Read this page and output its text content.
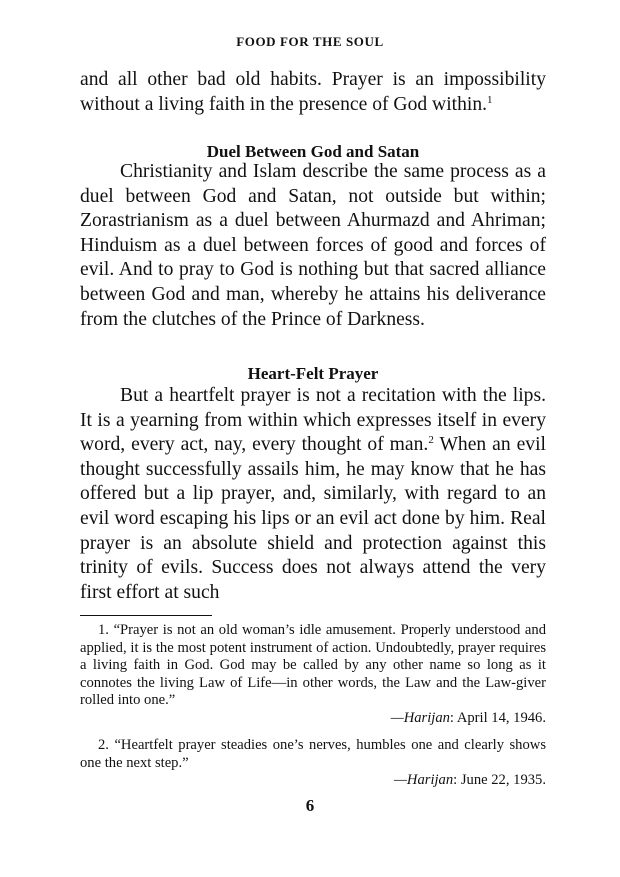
FOOD FOR THE SOUL

and all other bad old habits. Prayer is an impossibility without a living faith in the presence of God within.$^1$

Duel Between God and Satan

Christianity and Islam describe the same process as a duel between God and Satan, not outside but within; Zorastrianism as a duel between Ahurmazd and Ahriman; Hinduism as a duel between forces of good and forces of evil. And to pray to God is nothing but that sacred alliance between God and man, whereby he attains his deliverance from the clutches of the Prince of Darkness.

Heart-Felt Prayer

But a heartfelt prayer is not a recitation with the lips. It is a yearning from within which expresses itself in every word, every act, nay, every thought of man.$^2$ When an evil thought successfully assails him, he may know that he has offered but a lip prayer, and, similarly, with regard to an evil word escaping his lips or an evil act done by him. Real prayer is an absolute shield and protection against this trinity of evils. Success does not always attend the very first effort at such

1. “Prayer is not an old woman’s idle amusement. Properly understood and applied, it is the most potent instrument of action. Undoubtedly, prayer requires a living faith in God. God may be called by any other name so long as it connotes the living Law of Life—in other words, the Law and the Law-giver rolled into one.”

—Harijan: April 14, 1946.

2. “Heartfelt prayer steadies one’s nerves, humbles one and clearly shows one the next step.”

—Harijan: June 22, 1935.

6
